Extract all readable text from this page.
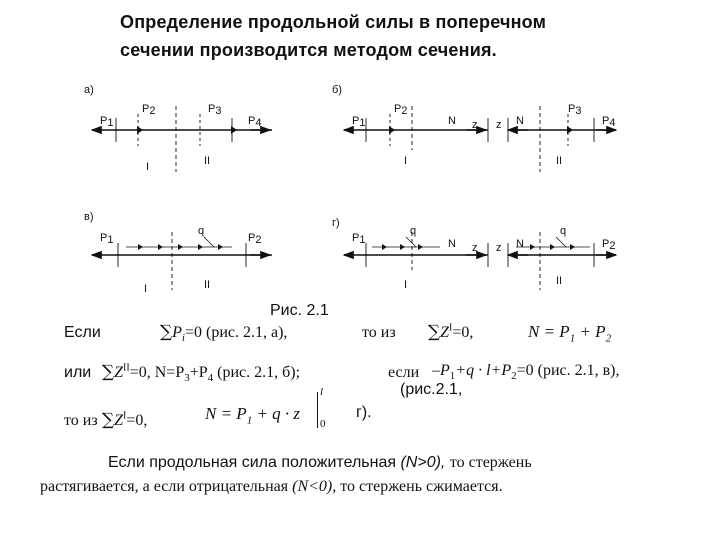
Определение продольной силы в поперечном
сечении производится методом сечения.
а)
P1
P2	P3
P4
I	II
б)
P1
P2
N z z N
P3
P4
I	II
в)
P1
q
P2
I	II
г)
P1
q
N z z N
q
P2
I	II
Рис. 2.1
Если	$\sum P_i=0$ (рис. 2.1, а),	то из $\sum Z^I=0$,	$N = P_1 + P_2$
или $\sum Z^{II}=0$, $N=P_3+P_4$ (рис. 2.1, б);	если $-P_1+q \cdot l+P_2=0$ (рис. 2.1, в),
(рис.2.1,
то из $\sum Z^I=0$,	$N = P_1 + q \cdot z$
l
0
г).
Если продольная сила положительная (N>0), то стержень
растягивается, а если отрицательная (N<0), то стержень сжимается.
